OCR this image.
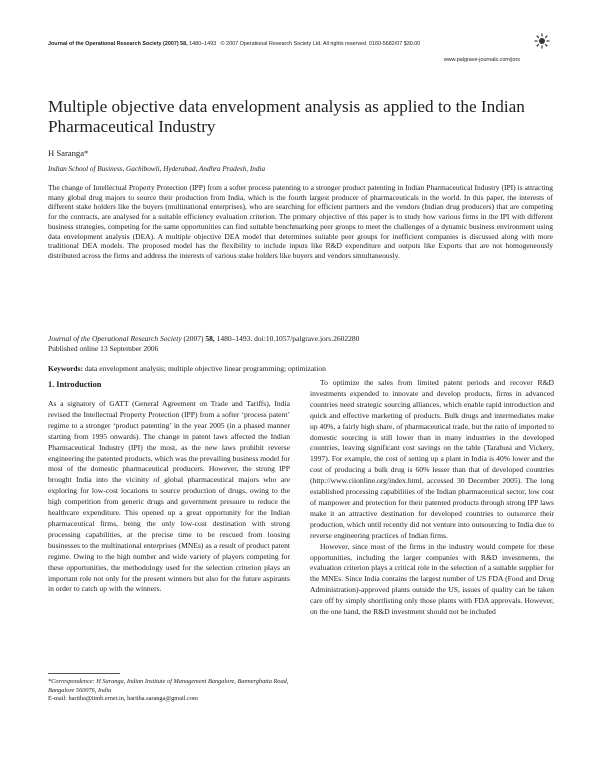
Journal of the Operational Research Society (2007) 58, 1480–1493 © 2007 Operational Research Society Ltd. All rights reserved. 0160-5682/07 $30.00
www.palgrave-journals.com/jors
Multiple objective data envelopment analysis as applied to the Indian Pharmaceutical Industry
H Saranga*
Indian School of Business, Gachibowli, Hyderabad, Andhra Pradesh, India

The change of Intellectual Property Protection (IPP) from a softer process patenting to a stronger product patenting in Indian Pharmaceutical Industry (IPI) is attracting many global drug majors to source their production from India, which is the fourth largest producer of pharmaceuticals in the world. In this paper, the interests of different stake holders like the buyers (multinational enterprises), who are searching for efficient partners and the vendors (Indian drug producers) that are competing for the contracts, are analysed for a suitable efficiency evaluation criterion. The primary objective of this paper is to study how various firms in the IPI with different business strategies, competing for the same opportunities can find suitable benchmarking peer groups to meet the challenges of a dynamic business environment using data envelopment analysis (DEA). A multiple objective DEA model that determines suitable peer groups for inefficient companies is discussed along with more traditional DEA models. The proposed model has the flexibility to include inputs like R&D expenditure and outputs like Exports that are not homogeneously distributed across the firms and address the interests of various stake holders like buyers and vendors simultaneously.

Journal of the Operational Research Society (2007) 58, 1480–1493. doi:10.1057/palgrave.jors.2602280
Published online 13 September 2006
Keywords: data envelopment analysis; multiple objective linear programming; optimization
1. Introduction

As a signatory of GATT (General Agreement on Trade and Tariffs), India revised the Intellectual Property Protection (IPP) from a softer ‘process patent’ regime to a stronger ‘product patenting’ in the year 2005 (in a phased manner starting from 1995 onwards). The change in patent laws affected the Indian Pharmaceutical Industry (IPI) the most, as the new laws prohibit reverse engineering the patented products, which was the prevailing business model for most of the domestic pharmaceutical producers. However, the strong IPP brought India into the vicinity of global pharmaceutical majors who are exploring for low-cost locations to source production of drugs, owing to the high competition from generic drugs and government pressure to reduce the healthcare expenditure. This opened up a great opportunity for the Indian pharmaceutical firms, being the only low-cost destination with strong processing capabilities, at the precise time to be rescued from loosing businesses to the multinational enterprises (MNEs) as a result of product patent regime. Owing to the high number and wide variety of players competing for these opportunities, the methodology used for the selection criterion plays an important role not only for the present winners but also for the future aspirants in order to catch up with the winners.

To optimize the sales from limited patent periods and recover R&D investments expended to innovate and develop products, firms in advanced countries need strategic sourcing alliances, which enable rapid introduction and quick and effective marketing of products. Bulk drugs and intermediates make up 40%, a fairly high share, of pharmaceutical trade, but the ratio of imported to domestic sourcing is still lower than in many industries in the developed countries, leaving significant cost savings on the table (Tarabusi and Vickery, 1997). For example, the cost of setting up a plant in India is 40% lower and the cost of producing a bulk drug is 60% lesser than that of developed countries (http://www.ciionline.org/index.html, accessed 30 December 2005). The long established processing capabilities of the Indian pharmaceutical sector, low cost of manpower and protection for their patented products through strong IPP laws make it an attractive destination for developed countries to outsource their production, which until recently did not venture into outsourcing to India due to reverse engineering practices of Indian firms.

However, since most of the firms in the industry would compete for these opportunities, including the larger companies with R&D investments, the evaluation criterion plays a critical role in the selection of a suitable supplier for the MNEs. Since India contains the largest number of US FDA (Food and Drug Administration)-approved plants outside the US, issues of quality can be taken care off by simply shortlisting only those plants with FDA approvals. However, on the one hand, the R&D investment should not be included

*Correspondence: H Saranga, Indian Institute of Management Bangalore, Bannerghatta Road, Bangalore 560076, India
E-mail: haritha@iimb.ernet.in, haritha.saranga@gmail.com
